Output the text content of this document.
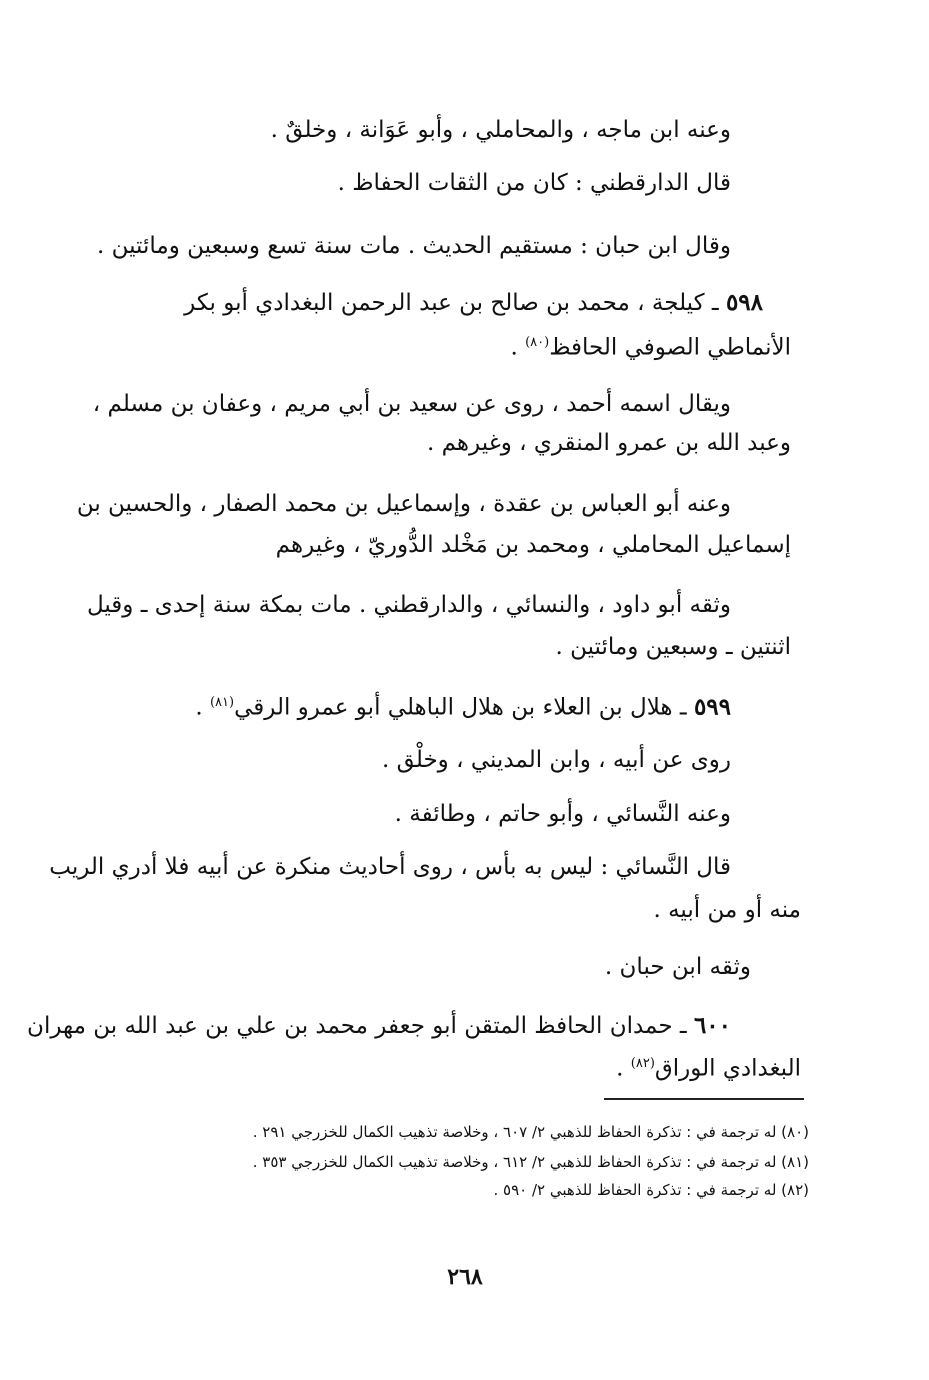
وعنه ابن ماجه ، والمحاملي ، وأبو عَوَانة ، وخلقٌ .
قال الدارقطني : كان من الثقات الحفاظ .
وقال ابن حبان : مستقيم الحديث . مات سنة تسع وسبعين ومائتين .
٥٩٨ ـ كيلجة ، محمد بن صالح بن عبد الرحمن البغدادي أبو بكر
الأنماطي الصوفي الحافظ$^{(٨٠)}$ .
ويقال اسمه أحمد ، روى عن سعيد بن أبي مريم ، وعفان بن مسلم ،
وعبد الله بن عمرو المنقري ، وغيرهم .
وعنه أبو العباس بن عقدة ، وإسماعيل بن محمد الصفار ، والحسين بن
إسماعيل المحاملي ، ومحمد بن مَخْلد الدُّوريّ ، وغيرهم
وثقه أبو داود ، والنسائي ، والدارقطني . مات بمكة سنة إحدى ـ وقيل
اثنتين ـ وسبعين ومائتين .
٥٩٩ ـ هلال بن العلاء بن هلال الباهلي أبو عمرو الرقي$^{(٨١)}$ .
روى عن أبيه ، وابن المديني ، وخلْق .
وعنه النَّسائي ، وأبو حاتم ، وطائفة .
قال النَّسائي : ليس به بأس ، روى أحاديث منكرة عن أبيه فلا أدري الريب
منه أو من أبيه .
وثقه ابن حبان .
٦٠٠ ـ حمدان الحافظ المتقن أبو جعفر محمد بن علي بن عبد الله بن مهران
البغدادي الوراق$^{(٨٢)}$ .
(٨٠) له ترجمة في : تذكرة الحفاظ للذهبي ٢/ ٦٠٧ ، وخلاصة تذهيب الكمال للخزرجي ٢٩١ .
(٨١) له ترجمة في : تذكرة الحفاظ للذهبي ٢/ ٦١٢ ، وخلاصة تذهيب الكمال للخزرجي ٣٥٣ .
(٨٢) له ترجمة في : تذكرة الحفاظ للذهبي ٢/ ٥٩٠ .
٢٦٨
